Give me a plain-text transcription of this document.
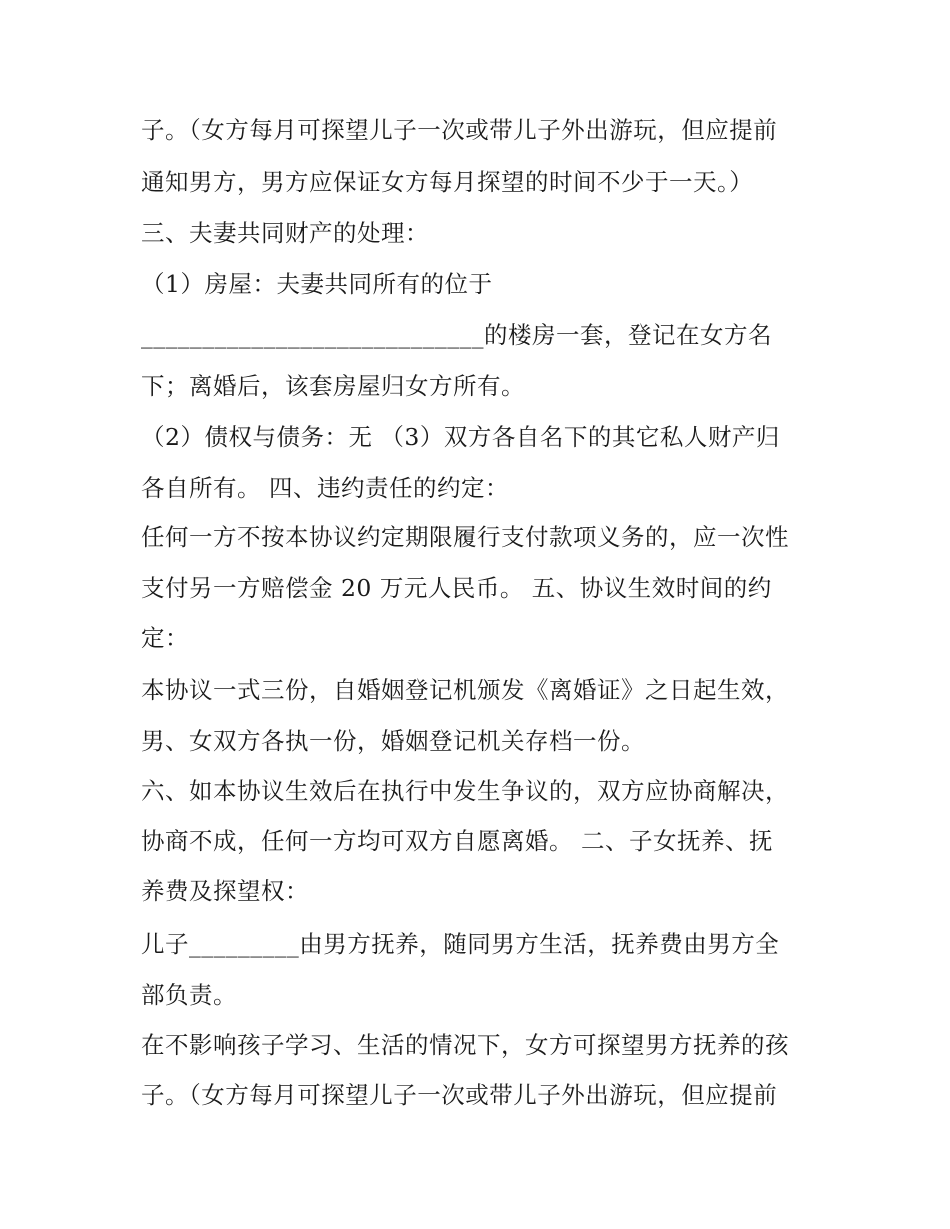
子。（女方每月可探望儿子一次或带儿子外出游玩，但应提前

通知男方，男方应保证女方每月探望的时间不少于一天。）

三、夫妻共同财产的处理：

（1）房屋：夫妻共同所有的位于

____________________________的楼房一套，登记在女方名

下；离婚后，该套房屋归女方所有。

（2）债权与债务：无 （3）双方各自名下的其它私人财产归

各自所有。 四、违约责任的约定：

任何一方不按本协议约定期限履行支付款项义务的，应一次性

支付另一方赔偿金 20 万元人民币。 五、协议生效时间的约

定：

本协议一式三份，自婚姻登记机颁发《离婚证》之日起生效，

男、女双方各执一份，婚姻登记机关存档一份。

六、如本协议生效后在执行中发生争议的，双方应协商解决，

协商不成，任何一方均可双方自愿离婚。 二、子女抚养、抚

养费及探望权：

儿子_________由男方抚养，随同男方生活，抚养费由男方全

部负责。

在不影响孩子学习、生活的情况下，女方可探望男方抚养的孩

子。（女方每月可探望儿子一次或带儿子外出游玩，但应提前
